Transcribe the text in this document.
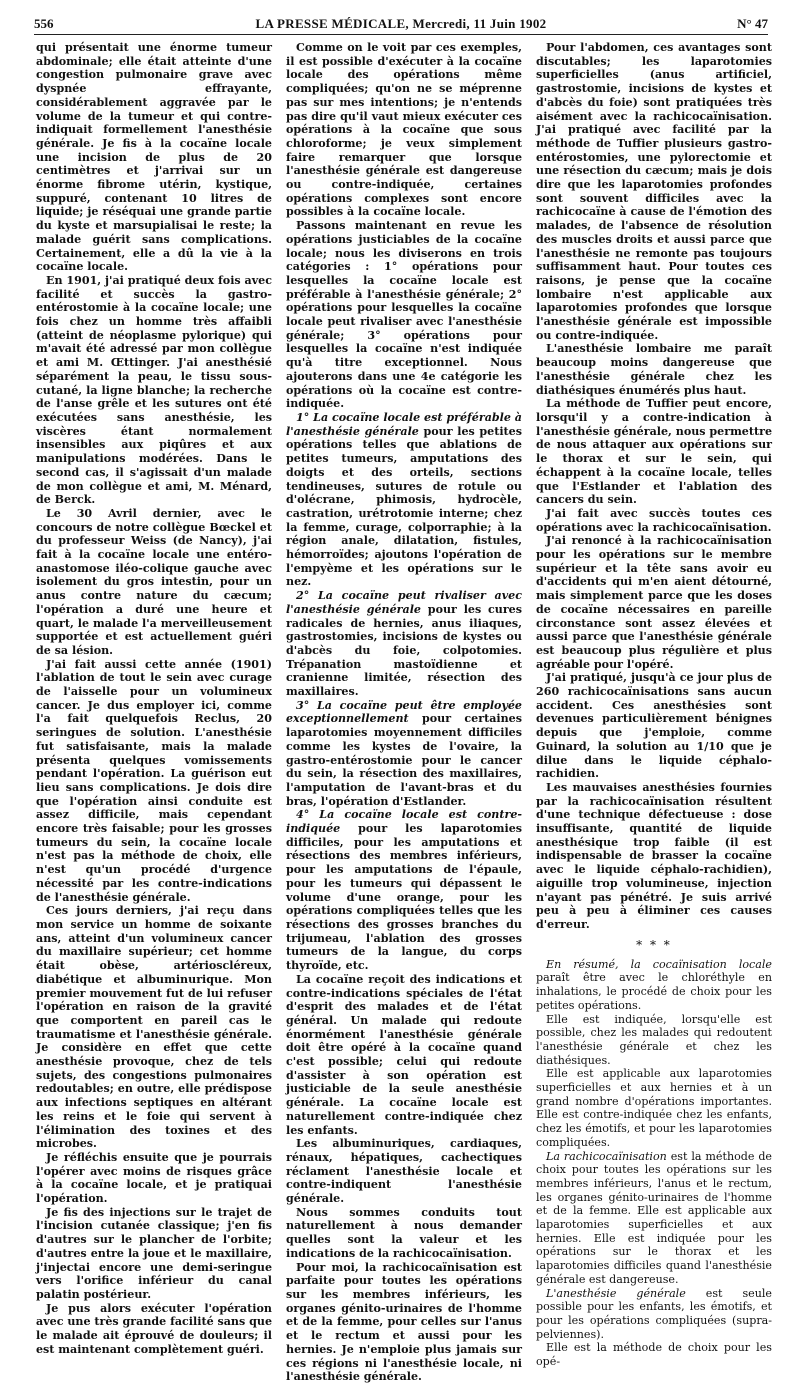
556	LA PRESSE MÉDICALE, Mercredi, 11 Juin 1902	N° 47

qui présentait une énorme tumeur abdominale; elle était atteinte d'une congestion pulmonaire grave avec dyspnée effrayante, considérablement aggravée par le volume de la tumeur et qui contre-indiquait formellement l'anesthésie générale. Je fis à la cocaïne locale une incision de plus de 20 centimètres et j'arrivai sur un énorme fibrome utérin, kystique, suppuré, contenant 10 litres de liquide; je réséquai une grande partie du kyste et marsupialisai le reste; la malade guérit sans complications. Certainement, elle a dû la vie à la cocaïne locale.

En 1901, j'ai pratiqué deux fois avec facilité et succès la gastro-entérostomie à la cocaïne locale; une fois chez un homme très affaibli (atteint de néoplasme pylorique) qui m'avait été adressé par mon collègue et ami M. Œttinger. J'ai anesthésié séparément la peau, le tissu sous-cutané, la ligne blanche; la recherche de l'anse grêle et les sutures ont été exécutées sans anesthésie, les viscères étant normalement insensibles aux piqûres et aux manipulations modérées. Dans le second cas, il s'agissait d'un malade de mon collègue et ami, M. Ménard, de Berck.

Le 30 Avril dernier, avec le concours de notre collègue Bœckel et du professeur Weiss (de Nancy), j'ai fait à la cocaïne locale une entéro-anastomose iléo-colique gauche avec isolement du gros intestin, pour un anus contre nature du cæcum; l'opération a duré une heure et quart, le malade l'a merveilleusement supportée et est actuellement guéri de sa lésion.

J'ai fait aussi cette année (1901) l'ablation de tout le sein avec curage de l'aisselle pour un volumineux cancer. Je dus employer ici, comme l'a fait quelquefois Reclus, 20 seringues de solution. L'anesthésie fut satisfaisante, mais la malade présenta quelques vomissements pendant l'opération. La guérison eut lieu sans complications. Je dois dire que l'opération ainsi conduite est assez difficile, mais cependant encore très faisable; pour les grosses tumeurs du sein, la cocaïne locale n'est pas la méthode de choix, elle n'est qu'un procédé d'urgence nécessité par les contre-indications de l'anesthésie générale.

Ces jours derniers, j'ai reçu dans mon service un homme de soixante ans, atteint d'un volumineux cancer du maxillaire supérieur; cet homme était obèse, artérioscléreux, diabétique et albuminurique. Mon premier mouvement fut de lui refuser l'opération en raison de la gravité que comportent en pareil cas le traumatisme et l'anesthésie générale. Je considère en effet que cette anesthésie provoque, chez de tels sujets, des congestions pulmonaires redoutables; en outre, elle prédispose aux infections septiques en altérant les reins et le foie qui servent à l'élimination des toxines et des microbes.

Je réfléchis ensuite que je pourrais l'opérer avec moins de risques grâce à la cocaïne locale, et je pratiquai l'opération.

Je fis des injections sur le trajet de l'incision cutanée classique; j'en fis d'autres sur le plancher de l'orbite; d'autres entre la joue et le maxillaire, j'injectai encore une demi-seringue vers l'orifice inférieur du canal palatin postérieur.

Je pus alors exécuter l'opération avec une très grande facilité sans que le malade ait éprouvé de douleurs; il est maintenant complètement guéri.

Comme on le voit par ces exemples, il est possible d'exécuter à la cocaïne locale des opérations même compliquées; qu'on ne se méprenne pas sur mes intentions; je n'entends pas dire qu'il vaut mieux exécuter ces opérations à la cocaïne que sous chloroforme; je veux simplement faire remarquer que lorsque l'anesthésie générale est dangereuse ou contre-indiquée, certaines opérations complexes sont encore possibles à la cocaïne locale.

Passons maintenant en revue les opérations justiciables de la cocaïne locale; nous les diviserons en trois catégories : 1° opérations pour lesquelles la cocaïne locale est préférable à l'anesthésie générale; 2° opérations pour lesquelles la cocaïne locale peut rivaliser avec l'anesthésie générale; 3° opérations pour lesquelles la cocaïne n'est indiquée qu'à titre exceptionnel. Nous ajouterons dans une 4e catégorie les opérations où la cocaïne est contre-indiquée.

1° La cocaïne locale est préférable à l'anesthésie générale pour les petites opérations telles que ablations de petites tumeurs, amputations des doigts et des orteils, sections tendineuses, sutures de rotule ou d'olécrane, phimosis, hydrocèle, castration, urétrotomie interne; chez la femme, curage, colporraphie; à la région anale, dilatation, fistules, hémorroïdes; ajoutons l'opération de l'empyème et les opérations sur le nez.

2° La cocaïne peut rivaliser avec l'anesthésie générale pour les cures radicales de hernies, anus iliaques, gastrostomies, incisions de kystes ou d'abcès du foie, colpotomies. Trépanation mastoïdienne et cranienne limitée, résection des maxillaires.

3° La cocaïne peut être employée exceptionnellement pour certaines laparotomies moyennement difficiles comme les kystes de l'ovaire, la gastro-entérostomie pour le cancer du sein, la résection des maxillaires, l'amputation de l'avant-bras et du bras, l'opération d'Estlander.

4° La cocaïne locale est contre-indiquée pour les laparotomies difficiles, pour les amputations et résections des membres inférieurs, pour les amputations de l'épaule, pour les tumeurs qui dépassent le volume d'une orange, pour les opérations compliquées telles que les résections des grosses branches du trijumeau, l'ablation des grosses tumeurs de la langue, du corps thyroïde, etc.

La cocaïne reçoit des indications et contre-indications spéciales de l'état d'esprit des malades et de l'état général. Un malade qui redoute énormément l'anesthésie générale doit être opéré à la cocaïne quand c'est possible; celui qui redoute d'assister à son opération est justiciable de la seule anesthésie générale. La cocaïne locale est naturellement contre-indiquée chez les enfants.

Les albuminuriques, cardiaques, rénaux, hépatiques, cachectiques réclament l'anesthésie locale et contre-indiquent l'anesthésie générale.

Nous sommes conduits tout naturellement à nous demander quelles sont la valeur et les indications de la rachicocaïnisation.

Pour moi, la rachicocaïnisation est parfaite pour toutes les opérations sur les membres inférieurs, les organes génito-urinaires de l'homme et de la femme, pour celles sur l'anus et le rectum et aussi pour les hernies. Je n'emploie plus jamais sur ces régions ni l'anesthésie locale, ni l'anesthésie générale.

Pour l'abdomen, ces avantages sont discutables; les laparotomies superficielles (anus artificiel, gastrostomie, incisions de kystes et d'abcès du foie) sont pratiquées très aisément avec la rachicocaïnisation. J'ai pratiqué avec facilité par la méthode de Tuffier plusieurs gastro-entérostomies, une pylorectomie et une résection du cæcum; mais je dois dire que les laparotomies profondes sont souvent difficiles avec la rachicocaïne à cause de l'émotion des malades, de l'absence de résolution des muscles droits et aussi parce que l'anesthésie ne remonte pas toujours suffisamment haut. Pour toutes ces raisons, je pense que la cocaïne lombaire n'est applicable aux laparotomies profondes que lorsque l'anesthésie générale est impossible ou contre-indiquée.

L'anesthésie lombaire me paraît beaucoup moins dangereuse que l'anesthésie générale chez les diathésiques énumérés plus haut.

La méthode de Tuffier peut encore, lorsqu'il y a contre-indication à l'anesthésie générale, nous permettre de nous attaquer aux opérations sur le thorax et sur le sein, qui échappent à la cocaïne locale, telles que l'Estlander et l'ablation des cancers du sein.

J'ai fait avec succès toutes ces opérations avec la rachicocaïnisation.

J'ai renoncé à la rachicocaïnisation pour les opérations sur le membre supérieur et la tête sans avoir eu d'accidents qui m'en aient détourné, mais simplement parce que les doses de cocaïne nécessaires en pareille circonstance sont assez élevées et aussi parce que l'anesthésie générale est beaucoup plus régulière et plus agréable pour l'opéré.

J'ai pratiqué, jusqu'à ce jour plus de 260 rachicocaïnisations sans aucun accident. Ces anesthésies sont devenues particulièrement bénignes depuis que j'emploie, comme Guinard, la solution au 1/10 que je dilue dans le liquide céphalo-rachidien.

Les mauvaises anesthésies fournies par la rachicocaïnisation résultent d'une technique défectueuse : dose insuffisante, quantité de liquide anesthésique trop faible (il est indispensable de brasser la cocaïne avec le liquide céphalo-rachidien), aiguille trop volumineuse, injection n'ayant pas pénétré. Je suis arrivé peu à peu à éliminer ces causes d'erreur.

* * *

En résumé, la cocaïnisation locale paraît être avec le chloréthyle en inhalations, le procédé de choix pour les petites opérations.

Elle est indiquée, lorsqu'elle est possible, chez les malades qui redoutent l'anesthésie générale et chez les diathésiques.

Elle est applicable aux laparotomies superficielles et aux hernies et à un grand nombre d'opérations importantes. Elle est contre-indiquée chez les enfants, chez les émotifs, et pour les laparotomies compliquées.

La rachicocaïnisation est la méthode de choix pour toutes les opérations sur les membres inférieurs, l'anus et le rectum, les organes génito-urinaires de l'homme et de la femme. Elle est applicable aux laparotomies superficielles et aux hernies. Elle est indiquée pour les opérations sur le thorax et les laparotomies difficiles quand l'anesthésie générale est dangereuse.

L'anesthésie générale est seule possible pour les enfants, les émotifs, et pour les opérations compliquées (supra-pelviennes).

Elle est la méthode de choix pour les opé-
